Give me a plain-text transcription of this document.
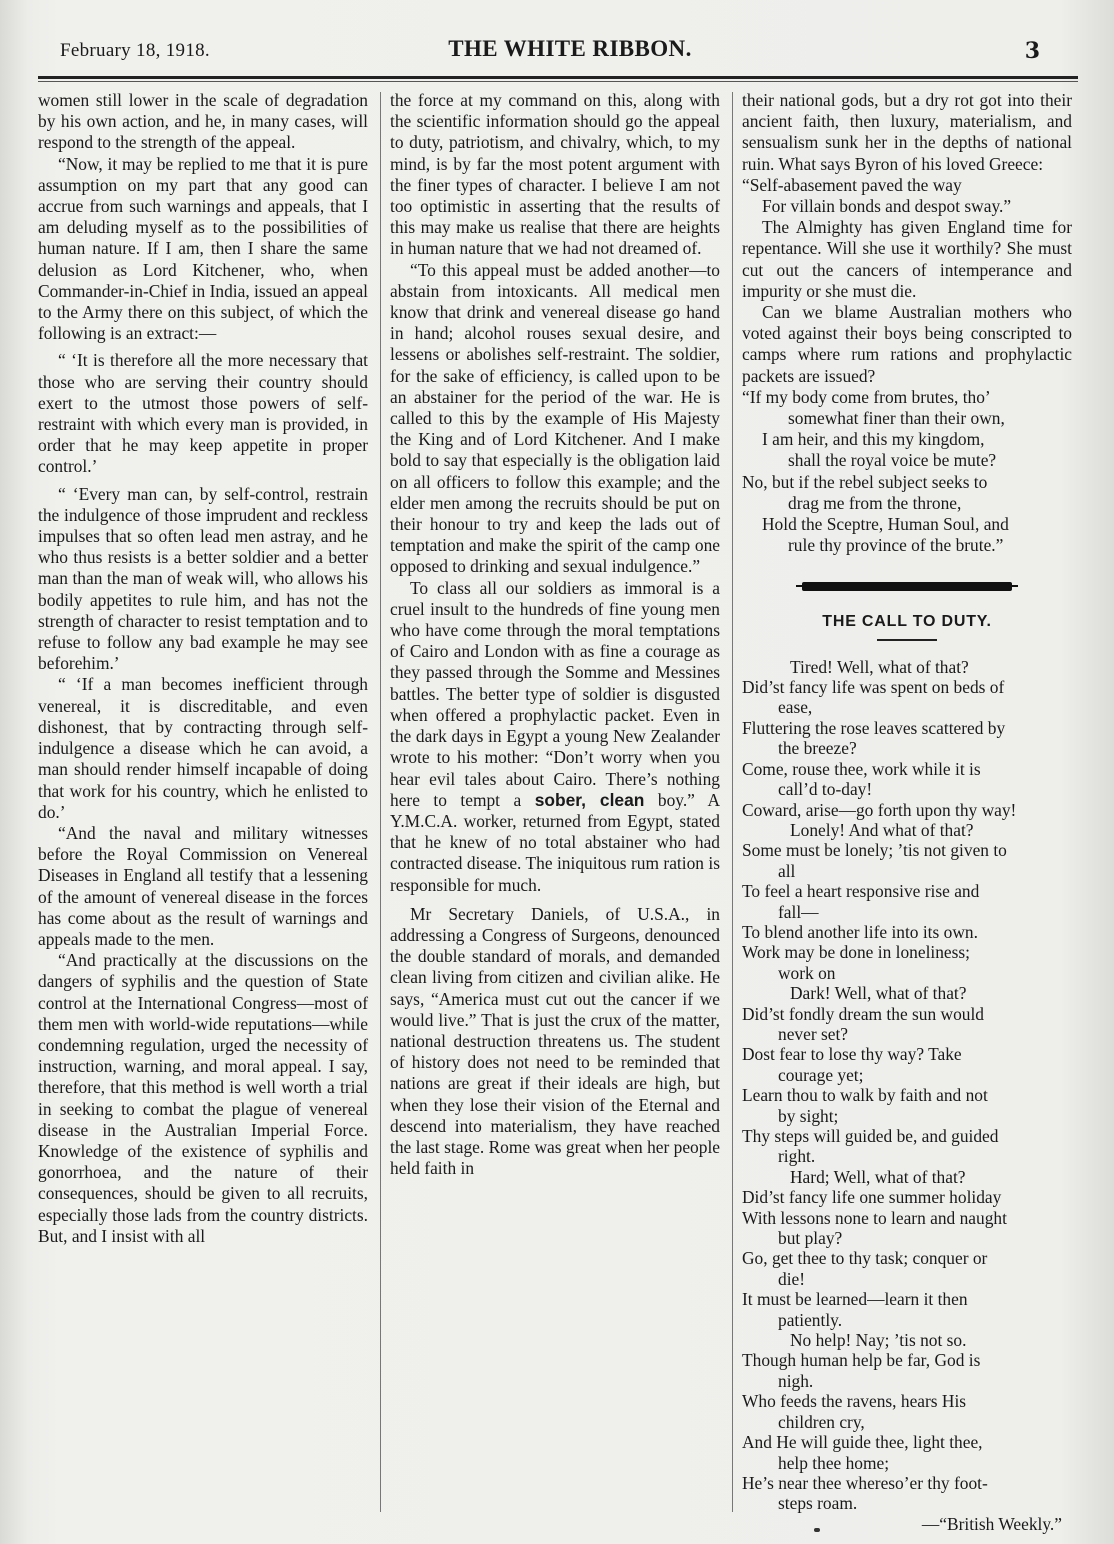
February 18, 1918.	THE WHITE RIBBON.	3

women still lower in the scale of degradation by his own action, and he, in many cases, will respond to the strength of the appeal.

“Now, it may be replied to me that it is pure assumption on my part that any good can accrue from such warnings and appeals, that I am deluding myself as to the possibilities of human nature. If I am, then I share the same delusion as Lord Kitchener, who, when Commander-in-Chief in India, issued an appeal to the Army there on this subject, of which the following is an extract:—

“ ‘It is therefore all the more necessary that those who are serving their country should exert to the utmost those powers of self-restraint with which every man is provided, in order that he may keep appetite in proper control.’

“ ‘Every man can, by self-control, restrain the indulgence of those imprudent and reckless impulses that so often lead men astray, and he who thus resists is a better soldier and a better man than the man of weak will, who allows his bodily appetites to rule him, and has not the strength of character to resist temptation and to refuse to follow any bad example he may see beforehim.’

“ ‘If a man becomes inefficient through venereal, it is discreditable, and even dishonest, that by contracting through self-indulgence a disease which he can avoid, a man should render himself incapable of doing that work for his country, which he enlisted to do.’

“And the naval and military witnesses before the Royal Commission on Venereal Diseases in England all testify that a lessening of the amount of venereal disease in the forces has come about as the result of warnings and appeals made to the men.

“And practically at the discussions on the dangers of syphilis and the question of State control at the International Congress—most of them men with world-wide reputations—while condemning regulation, urged the necessity of instruction, warning, and moral appeal. I say, therefore, that this method is well worth a trial in seeking to combat the plague of venereal disease in the Australian Imperial Force. Knowledge of the existence of syphilis and gonorrhoea, and the nature of their consequences, should be given to all recruits, especially those lads from the country districts. But, and I insist with all

the force at my command on this, along with the scientific information should go the appeal to duty, patriotism, and chivalry, which, to my mind, is by far the most potent argument with the finer types of character. I believe I am not too optimistic in asserting that the results of this may make us realise that there are heights in human nature that we had not dreamed of.

“To this appeal must be added another—to abstain from intoxicants. All medical men know that drink and venereal disease go hand in hand; alcohol rouses sexual desire, and lessens or abolishes self-restraint. The soldier, for the sake of efficiency, is called upon to be an abstainer for the period of the war. He is called to this by the example of His Majesty the King and of Lord Kitchener. And I make bold to say that especially is the obligation laid on all officers to follow this example; and the elder men among the recruits should be put on their honour to try and keep the lads out of temptation and make the spirit of the camp one opposed to drinking and sexual indulgence.”

To class all our soldiers as immoral is a cruel insult to the hundreds of fine young men who have come through the moral temptations of Cairo and London with as fine a courage as they passed through the Somme and Messines battles. The better type of soldier is disgusted when offered a prophylactic packet. Even in the dark days in Egypt a young New Zealander wrote to his mother: “Don’t worry when you hear evil tales about Cairo. There’s nothing here to tempt a sober, clean boy.” A Y.M.C.A. worker, returned from Egypt, stated that he knew of no total abstainer who had contracted disease. The iniquitous rum ration is responsible for much.

Mr Secretary Daniels, of U.S.A., in addressing a Congress of Surgeons, denounced the double standard of morals, and demanded clean living from citizen and civilian alike. He says, “America must cut out the cancer if we would live.” That is just the crux of the matter, national destruction threatens us. The student of history does not need to be reminded that nations are great if their ideals are high, but when they lose their vision of the Eternal and descend into materialism, they have reached the last stage. Rome was great when her people held faith in

their national gods, but a dry rot got into their ancient faith, then luxury, materialism, and sensualism sunk her in the depths of national ruin. What says Byron of his loved Greece:

“Self-abasement paved the way
For villain bonds and despot sway.”

The Almighty has given England time for repentance. Will she use it worthily? She must cut out the cancers of intemperance and impurity or she must die.

Can we blame Australian mothers who voted against their boys being conscripted to camps where rum rations and prophylactic packets are issued?

“If my body come from brutes, tho’
somewhat finer than their own,
I am heir, and this my kingdom,
shall the royal voice be mute?
No, but if the rebel subject seeks to
drag me from the throne,
Hold the Sceptre, Human Soul, and
rule thy province of the brute.”
THE CALL TO DUTY.
Tired! Well, what of that?
Did’st fancy life was spent on beds of
ease,
Fluttering the rose leaves scattered by
the breeze?
Come, rouse thee, work while it is
call’d to-day!
Coward, arise—go forth upon thy way!
Lonely! And what of that?
Some must be lonely; ’tis not given to
all
To feel a heart responsive rise and
fall—
To blend another life into its own.
Work may be done in loneliness;
work on
Dark! Well, what of that?
Did’st fondly dream the sun would
never set?
Dost fear to lose thy way? Take
courage yet;
Learn thou to walk by faith and not
by sight;
Thy steps will guided be, and guided
right.
Hard; Well, what of that?
Did’st fancy life one summer holiday
With lessons none to learn and naught
but play?
Go, get thee to thy task; conquer or
die!
It must be learned—learn it then
patiently.
No help! Nay; ’tis not so.
Though human help be far, God is
nigh.
Who feeds the ravens, hears His
children cry,
And He will guide thee, light thee,
help thee home;
He’s near thee whereso’er thy foot-
steps roam.
—“British Weekly.”
